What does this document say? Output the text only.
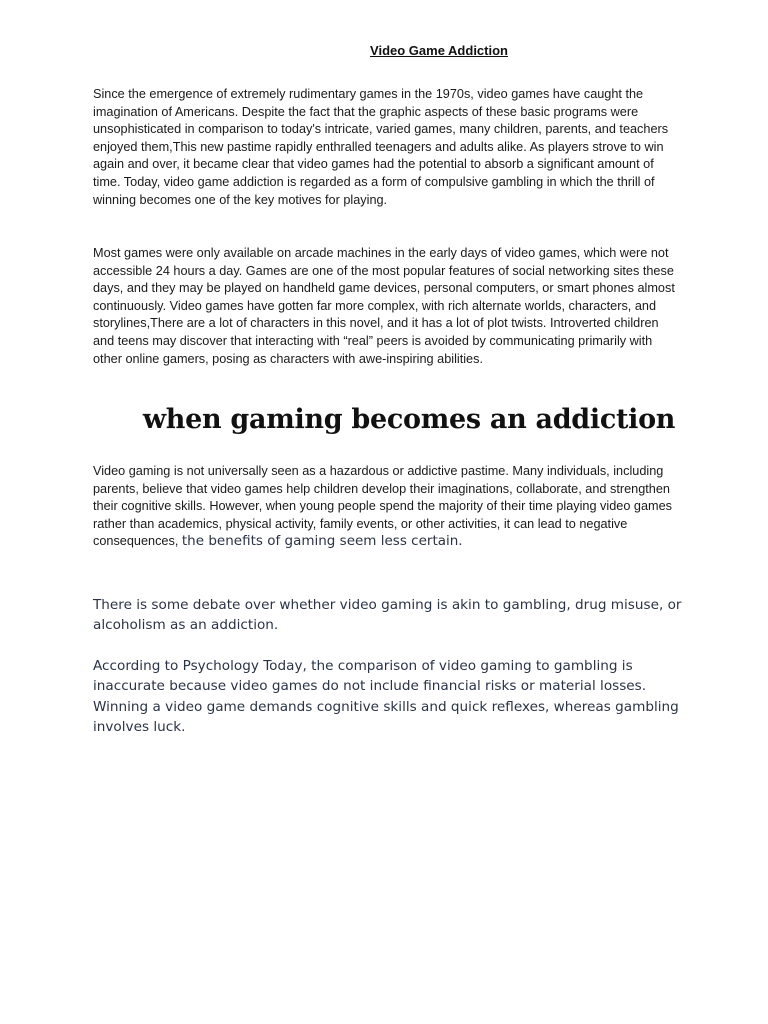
Video Game Addiction

Since the emergence of extremely rudimentary games in the 1970s, video games have caught the imagination of Americans. Despite the fact that the graphic aspects of these basic programs were unsophisticated in comparison to today's intricate, varied games, many children, parents, and teachers enjoyed them,This new pastime rapidly enthralled teenagers and adults alike. As players strove to win again and over, it became clear that video games had the potential to absorb a significant amount of time. Today, video game addiction is regarded as a form of compulsive gambling in which the thrill of winning becomes one of the key motives for playing.

Most games were only available on arcade machines in the early days of video games, which were not accessible 24 hours a day. Games are one of the most popular features of social networking sites these days, and they may be played on handheld game devices, personal computers, or smart phones almost continuously. Video games have gotten far more complex, with rich alternate worlds, characters, and storylines,There are a lot of characters in this novel, and it has a lot of plot twists. Introverted children and teens may discover that interacting with “real” peers is avoided by communicating primarily with other online gamers, posing as characters with awe-inspiring abilities.

when gaming becomes an addiction

Video gaming is not universally seen as a hazardous or addictive pastime. Many individuals, including parents, believe that video games help children develop their imaginations, collaborate, and strengthen their cognitive skills. However, when young people spend the majority of their time playing video games rather than academics, physical activity, family events, or other activities, it can lead to negative consequences, the benefits of gaming seem less certain.

There is some debate over whether video gaming is akin to gambling, drug misuse, or alcoholism as an addiction.

According to Psychology Today, the comparison of video gaming to gambling is inaccurate because video games do not include financial risks or material losses. Winning a video game demands cognitive skills and quick reflexes, whereas gambling involves luck.
